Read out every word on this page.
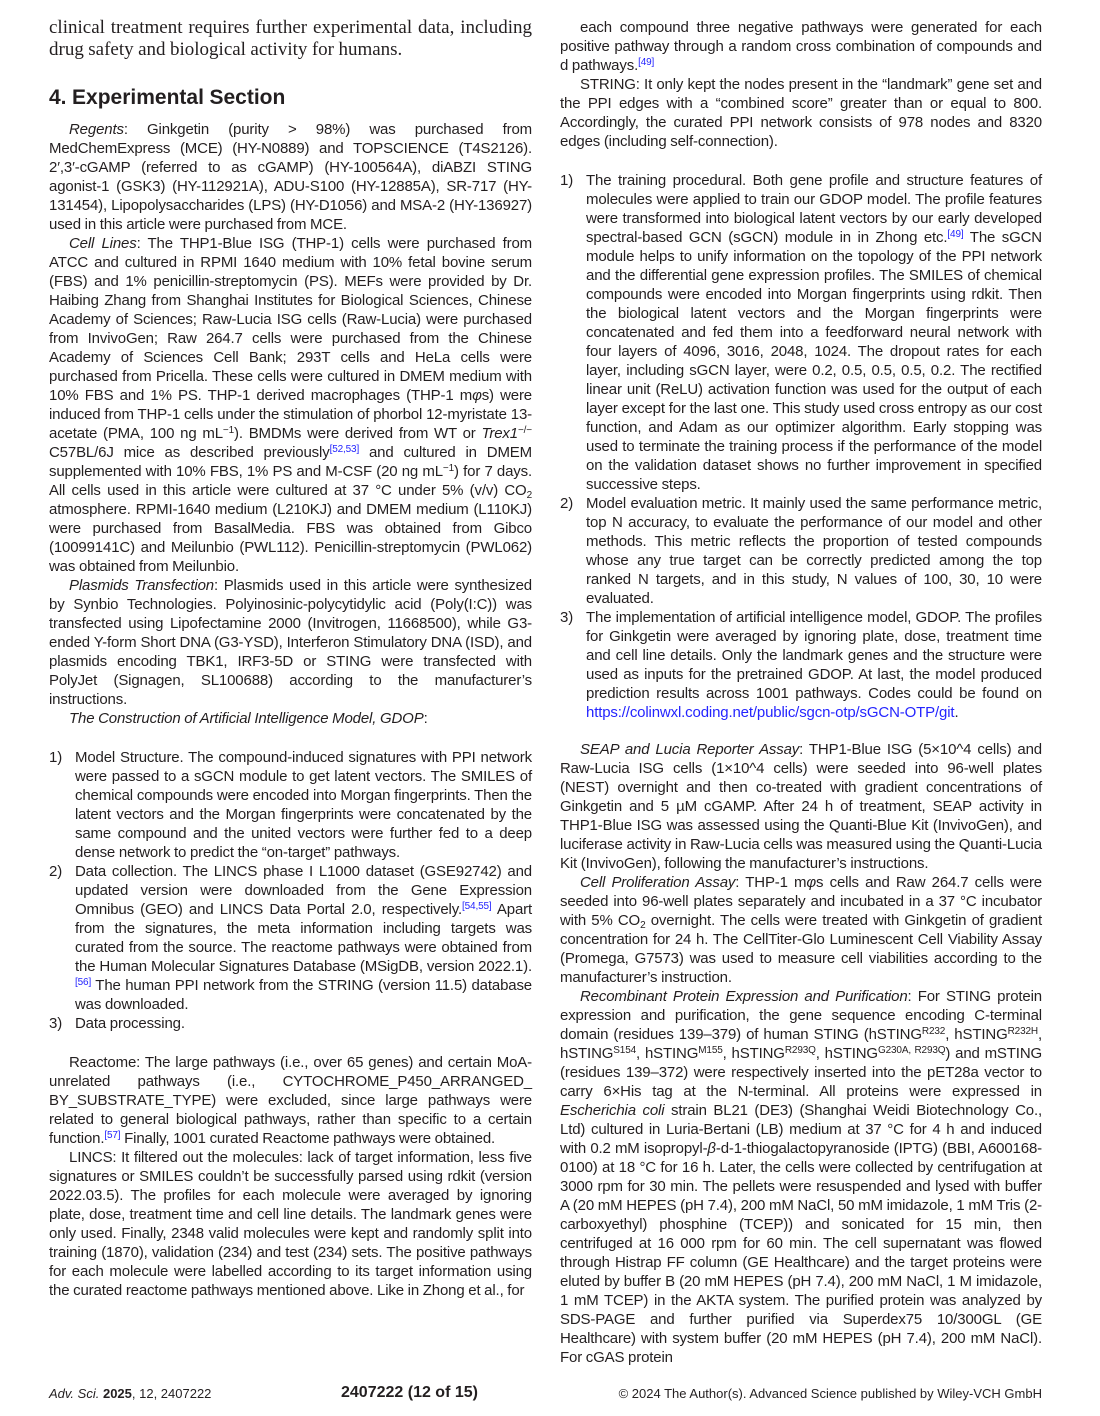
clinical treatment requires further experimental data, including drug safety and biological activity for humans.

4. Experimental Section

Regents: Ginkgetin (purity > 98%) was purchased from MedChemExpress (MCE) (HY-N0889) and TOPSCIENCE (T4S2126). 2′,3′-cGAMP (referred to as cGAMP) (HY-100564A), diABZI STING agonist-1 (GSK3) (HY-112921A), ADU-S100 (HY-12885A), SR-717 (HY-131454), Lipopolysaccharides (LPS) (HY-D1056) and MSA-2 (HY-136927) used in this article were purchased from MCE.

Cell Lines: The THP1-Blue ISG (THP-1) cells were purchased from ATCC and cultured in RPMI 1640 medium with 10% fetal bovine serum (FBS) and 1% penicillin-streptomycin (PS). MEFs were provided by Dr. Haibing Zhang from Shanghai Institutes for Biological Sciences, Chinese Academy of Sciences; Raw-Lucia ISG cells (Raw-Lucia) were purchased from InvivoGen; Raw 264.7 cells were purchased from the Chinese Academy of Sciences Cell Bank; 293T cells and HeLa cells were purchased from Pricella. These cells were cultured in DMEM medium with 10% FBS and 1% PS. THP-1 derived macrophages (THP-1 mφs) were induced from THP-1 cells under the stimulation of phorbol 12-myristate 13-acetate (PMA, 100 ng $mL^{-1}$). BMDMs were derived from WT or Trex1−/− C57BL/6J mice as described previously[52,53] and cultured in DMEM supplemented with 10% FBS, 1% PS and M-CSF (20 ng $mL^{-1}$) for 7 days. All cells used in this article were cultured at 37 °C under 5% (v/v) $CO_2$ atmosphere. RPMI-1640 medium (L210KJ) and DMEM medium (L110KJ) were purchased from BasalMedia. FBS was obtained from Gibco (10099141C) and Meilunbio (PWL112). Penicillin-streptomycin (PWL062) was obtained from Meilunbio.

Plasmids Transfection: Plasmids used in this article were synthesized by Synbio Technologies. Polyinosinic-polycytidylic acid (Poly(I:C)) was transfected using Lipofectamine 2000 (Invitrogen, 11668500), while G3-ended Y-form Short DNA (G3-YSD), Interferon Stimulatory DNA (ISD), and plasmids encoding TBK1, IRF3-5D or STING were transfected with PolyJet (Signagen, SL100688) according to the manufacturer’s instructions.

The Construction of Artificial Intelligence Model, GDOP:

1) Model Structure. The compound-induced signatures with PPI network were passed to a sGCN module to get latent vectors. The SMILES of chemical compounds were encoded into Morgan fingerprints. Then the latent vectors and the Morgan fingerprints were concatenated by the same compound and the united vectors were further fed to a deep dense network to predict the “on-target” pathways.
2) Data collection. The LINCS phase I L1000 dataset (GSE92742) and updated version were downloaded from the Gene Expression Omnibus (GEO) and LINCS Data Portal 2.0, respectively.[54,55] Apart from the signatures, the meta information including targets was curated from the source. The reactome pathways were obtained from the Human Molecular Signatures Database (MSigDB, version 2022.1).[56] The human PPI network from the STRING (version 11.5) database was downloaded.
3) Data processing.

Reactome: The large pathways (i.e., over 65 genes) and certain MoA-unrelated pathways (i.e., CYTOCHROME_P450_ARRANGED_ BY_SUBSTRATE_TYPE) were excluded, since large pathways were related to general biological pathways, rather than specific to a certain function.[57] Finally, 1001 curated Reactome pathways were obtained.

LINCS: It filtered out the molecules: lack of target information, less five signatures or SMILES couldn’t be successfully parsed using rdkit (version 2022.03.5). The profiles for each molecule were averaged by ignoring plate, dose, treatment time and cell line details. The landmark genes were only used. Finally, 2348 valid molecules were kept and randomly split into training (1870), validation (234) and test (234) sets. The positive pathways for each molecule were labelled according to its target information using the curated reactome pathways mentioned above. Like in Zhong et al., for

each compound three negative pathways were generated for each positive pathway through a random cross combination of compounds and d pathways.[49]

STRING: It only kept the nodes present in the “landmark” gene set and the PPI edges with a “combined score” greater than or equal to 800. Accordingly, the curated PPI network consists of 978 nodes and 8320 edges (including self-connection).

1) The training procedural. Both gene profile and structure features of molecules were applied to train our GDOP model. The profile features were transformed into biological latent vectors by our early developed spectral-based GCN (sGCN) module in in Zhong etc.[49] The sGCN module helps to unify information on the topology of the PPI network and the differential gene expression profiles. The SMILES of chemical compounds were encoded into Morgan fingerprints using rdkit. Then the biological latent vectors and the Morgan fingerprints were concatenated and fed them into a feedforward neural network with four layers of 4096, 3016, 2048, 1024. The dropout rates for each layer, including sGCN layer, were 0.2, 0.5, 0.5, 0.5, 0.2. The rectified linear unit (ReLU) activation function was used for the output of each layer except for the last one. This study used cross entropy as our cost function, and Adam as our optimizer algorithm. Early stopping was used to terminate the training process if the performance of the model on the validation dataset shows no further improvement in specified successive steps.
2) Model evaluation metric. It mainly used the same performance metric, top N accuracy, to evaluate the performance of our model and other methods. This metric reflects the proportion of tested compounds whose any true target can be correctly predicted among the top ranked N targets, and in this study, N values of 100, 30, 10 were evaluated.
3) The implementation of artificial intelligence model, GDOP. The profiles for Ginkgetin were averaged by ignoring plate, dose, treatment time and cell line details. Only the landmark genes and the structure were used as inputs for the pretrained GDOP. At last, the model produced prediction results across 1001 pathways. Codes could be found on https://colinwxl.coding.net/public/sgcn-otp/sGCN-OTP/git.

SEAP and Lucia Reporter Assay: THP1-Blue ISG (5×10^4 cells) and Raw-Lucia ISG cells (1×10^4 cells) were seeded into 96-well plates (NEST) overnight and then co-treated with gradient concentrations of Ginkgetin and 5 µM cGAMP. After 24 h of treatment, SEAP activity in THP1-Blue ISG was assessed using the Quanti-Blue Kit (InvivoGen), and luciferase activity in Raw-Lucia cells was measured using the Quanti-Lucia Kit (InvivoGen), following the manufacturer’s instructions.

Cell Proliferation Assay: THP-1 mφs cells and Raw 264.7 cells were seeded into 96-well plates separately and incubated in a 37 °C incubator with 5% $CO_2$ overnight. The cells were treated with Ginkgetin of gradient concentration for 24 h. The CellTiter-Glo Luminescent Cell Viability Assay (Promega, G7573) was used to measure cell viabilities according to the manufacturer’s instruction.

Recombinant Protein Expression and Purification: For STING protein expression and purification, the gene sequence encoding C-terminal domain (residues 139–379) of human STING (hSTING$^{R232}$, hSTING$^{R232H}$, hSTING$^{S154}$, hSTING$^{M155}$, hSTING$^{R293Q}$, hSTING$^{G230A, R293Q}$) and mSTING (residues 139–372) were respectively inserted into the pET28a vector to carry 6×His tag at the N-terminal. All proteins were expressed in Escherichia coli strain BL21 (DE3) (Shanghai Weidi Biotechnology Co., Ltd) cultured in Luria-Bertani (LB) medium at 37 °C for 4 h and induced with 0.2 mM isopropyl-β-d-1-thiogalactopyranoside (IPTG) (BBI, A600168-0100) at 18 °C for 16 h. Later, the cells were collected by centrifugation at 3000 rpm for 30 min. The pellets were resuspended and lysed with buffer A (20 mM HEPES (pH 7.4), 200 mM NaCl, 50 mM imidazole, 1 mM Tris (2-carboxyethyl) phosphine (TCEP)) and sonicated for 15 min, then centrifuged at 16 000 rpm for 60 min. The cell supernatant was flowed through Histrap FF column (GE Healthcare) and the target proteins were eluted by buffer B (20 mM HEPES (pH 7.4), 200 mM NaCl, 1 M imidazole, 1 mM TCEP) in the AKTA system. The purified protein was analyzed by SDS-PAGE and further purified via Superdex75 10/300GL (GE Healthcare) with system buffer (20 mM HEPES (pH 7.4), 200 mM NaCl). For cGAS protein

Adv. Sci. 2025, 12, 2407222	2407222 (12 of 15)	© 2024 The Author(s). Advanced Science published by Wiley-VCH GmbH
